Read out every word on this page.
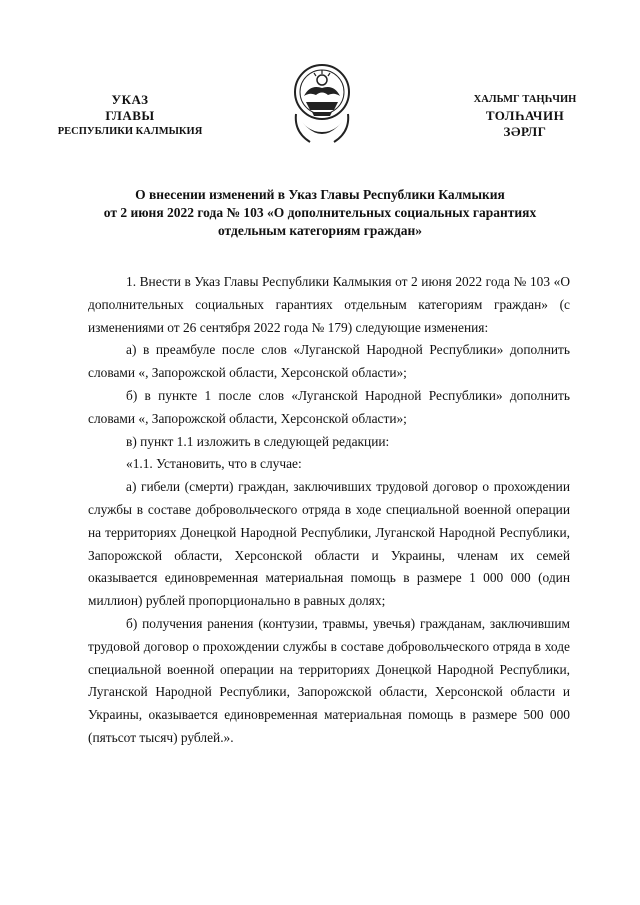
УКАЗ
ГЛАВЫ
РЕСПУБЛИКИ КАЛМЫКИЯ
ХАЛЬМГ ТАҢҺЧИН
ТОЛҺАЧИН
ЗӘРЛГ
О внесении изменений в Указ Главы Республики Калмыкия
от 2 июня 2022 года № 103 «О дополнительных социальных гарантиях
отдельным категориям граждан»

1. Внести в Указ Главы Республики Калмыкия от 2 июня 2022 года № 103 «О дополнительных социальных гарантиях отдельным категориям граждан» (с изменениями от 26 сентября 2022 года № 179) следующие изменения:

а) в преамбуле после слов «Луганской Народной Республики» дополнить словами «, Запорожской области, Херсонской области»;

б) в пункте 1 после слов «Луганской Народной Республики» дополнить словами «, Запорожской области, Херсонской области»;

в) пункт 1.1 изложить в следующей редакции:

«1.1. Установить, что в случае:

а) гибели (смерти) граждан, заключивших трудовой договор о прохождении службы в составе добровольческого отряда в ходе специальной военной операции на территориях Донецкой Народной Республики, Луганской Народной Республики, Запорожской области, Херсонской области и Украины, членам их семей оказывается единовременная материальная помощь в размере 1 000 000 (один миллион) рублей пропорционально в равных долях;

б) получения ранения (контузии, травмы, увечья) гражданам, заключившим трудовой договор о прохождении службы в составе добровольческого отряда в ходе специальной военной операции на территориях Донецкой Народной Республики, Луганской Народной Республики, Запорожской области, Херсонской области и Украины, оказывается единовременная материальная помощь в размере 500 000 (пятьсот тысяч) рублей.».
